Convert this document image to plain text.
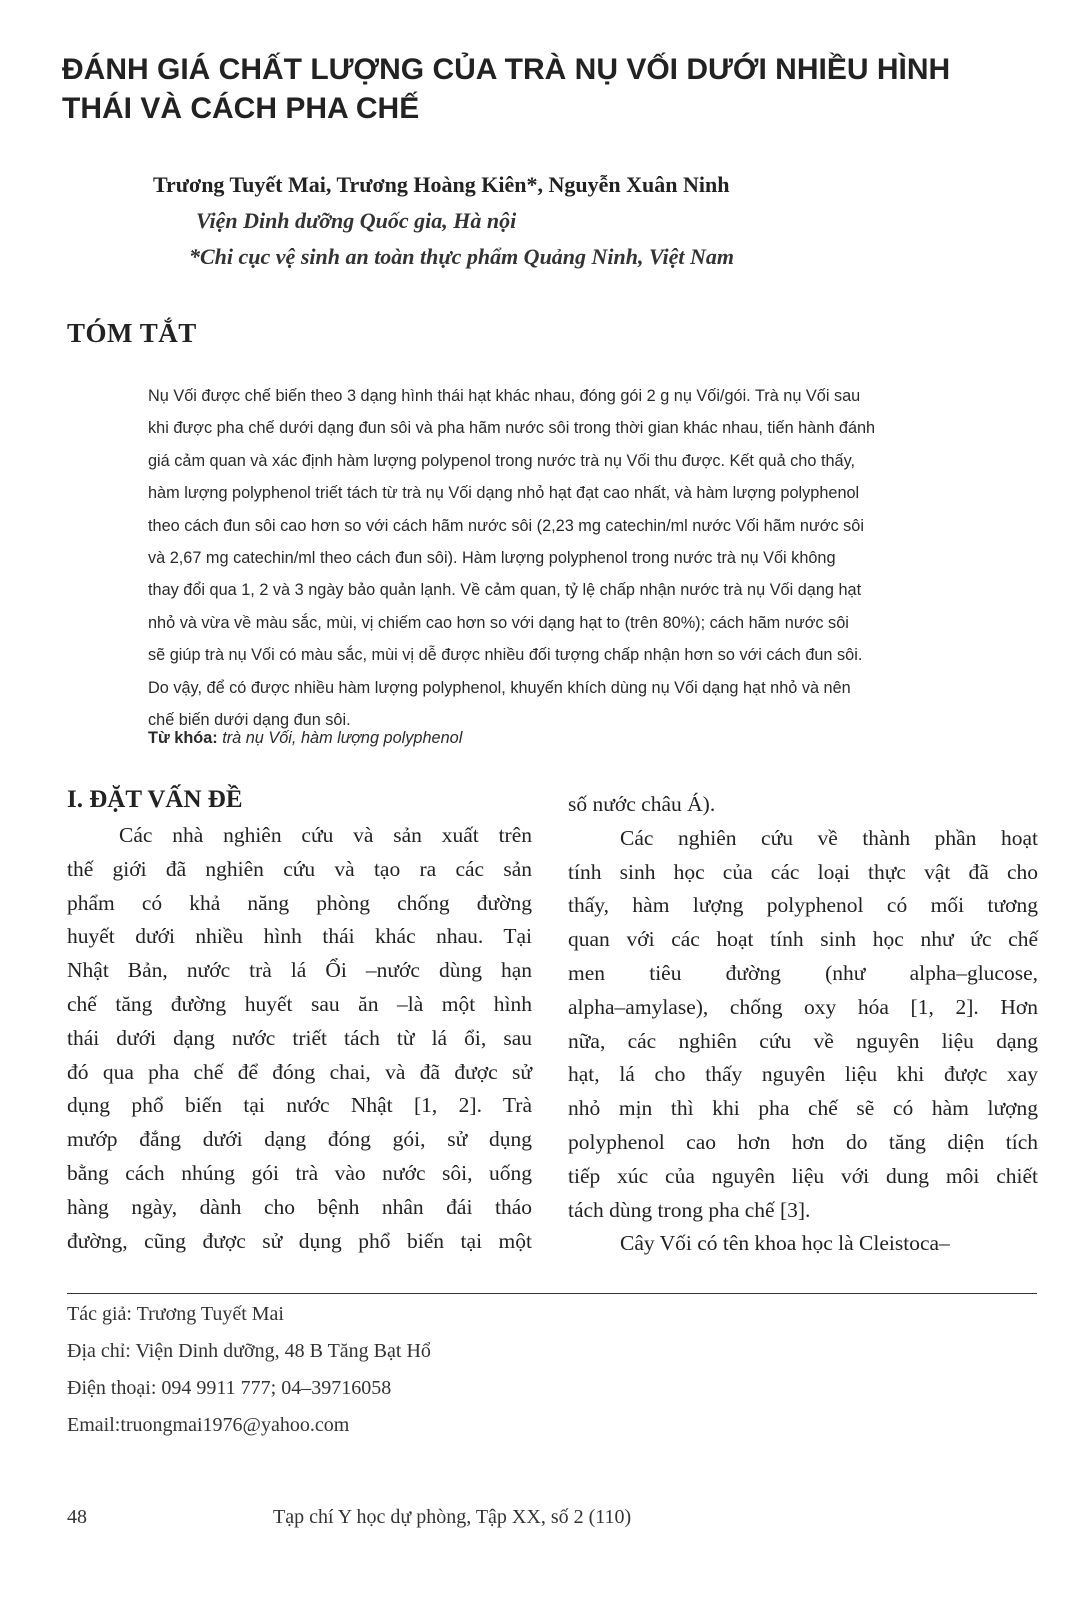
ĐÁNH GIÁ CHẤT LƯỢNG CỦA TRÀ NỤ VỐI DƯỚI NHIỀU HÌNH
THÁI VÀ CÁCH PHA CHẾ
Trương Tuyết Mai, Trương Hoàng Kiên*, Nguyễn Xuân Ninh
Viện Dinh dưỡng Quốc gia, Hà nội
*Chi cục vệ sinh an toàn thực phẩm Quảng Ninh, Việt Nam
TÓM TẮT

Nụ Vối được chế biến theo 3 dạng hình thái hạt khác nhau, đóng gói 2 g nụ Vối/gói. Trà nụ Vối sau
khi được pha chế dưới dạng đun sôi và pha hãm nước sôi trong thời gian khác nhau, tiến hành đánh
giá cảm quan và xác định hàm lượng polypenol trong nước trà nụ Vối thu được. Kết quả cho thấy,
hàm lượng polyphenol triết tách từ trà nụ Vối dạng nhỏ hạt đạt cao nhất, và hàm lượng polyphenol
theo cách đun sôi cao hơn so với cách hãm nước sôi (2,23 mg catechin/ml nước Vối hãm nước sôi
và 2,67 mg catechin/ml theo cách đun sôi). Hàm lượng polyphenol trong nước trà nụ Vối không
thay đổi qua 1, 2 và 3 ngày bảo quản lạnh. Về cảm quan, tỷ lệ chấp nhận nước trà nụ Vối dạng hạt
nhỏ và vừa về màu sắc, mùi, vị chiếm cao hơn so với dạng hạt to (trên 80%); cách hãm nước sôi
sẽ giúp trà nụ Vối có màu sắc, mùi vị dễ được nhiều đối tượng chấp nhận hơn so với cách đun sôi.
Do vậy, để có được nhiều hàm lượng polyphenol, khuyến khích dùng nụ Vối dạng hạt nhỏ và nên
chế biến dưới dạng đun sôi.

Từ khóa: trà nụ Vối, hàm lượng polyphenol
I. ĐẶT VẤN ĐỀ
Các nhà nghiên cứu và sản xuất trên
thế giới đã nghiên cứu và tạo ra các sản
phẩm có khả năng phòng chống đường
huyết dưới nhiều hình thái khác nhau. Tại
Nhật Bản, nước trà lá Ổi –nước dùng hạn
chế tăng đường huyết sau ăn –là một hình
thái dưới dạng nước triết tách từ lá ổi, sau
đó qua pha chế để đóng chai, và đã được sử
dụng phổ biến tại nước Nhật [1, 2]. Trà
mướp đắng dưới dạng đóng gói, sử dụng
bằng cách nhúng gói trà vào nước sôi, uống
hàng ngày, dành cho bệnh nhân đái tháo
đường, cũng được sử dụng phổ biến tại một
số nước châu Á).
Các nghiên cứu về thành phần hoạt
tính sinh học của các loại thực vật đã cho
thấy, hàm lượng polyphenol có mối tương
quan với các hoạt tính sinh học như ức chế
men tiêu đường (như alpha–glucose,
alpha–amylase), chống oxy hóa [1, 2]. Hơn
nữa, các nghiên cứu về nguyên liệu dạng
hạt, lá cho thấy nguyên liệu khi được xay
nhỏ mịn thì khi pha chế sẽ có hàm lượng
polyphenol cao hơn hơn do tăng diện tích
tiếp xúc của nguyên liệu với dung môi chiết
tách dùng trong pha chế [3].
Cây Vối có tên khoa học là Cleistoca–
Tác giả: Trương Tuyết Mai
Địa chỉ: Viện Dinh dưỡng, 48 B Tăng Bạt Hổ
Điện thoại: 094 9911 777; 04–39716058
Email:truongmai1976@yahoo.com
48	Tạp chí Y học dự phòng, Tập XX, số 2 (110)
